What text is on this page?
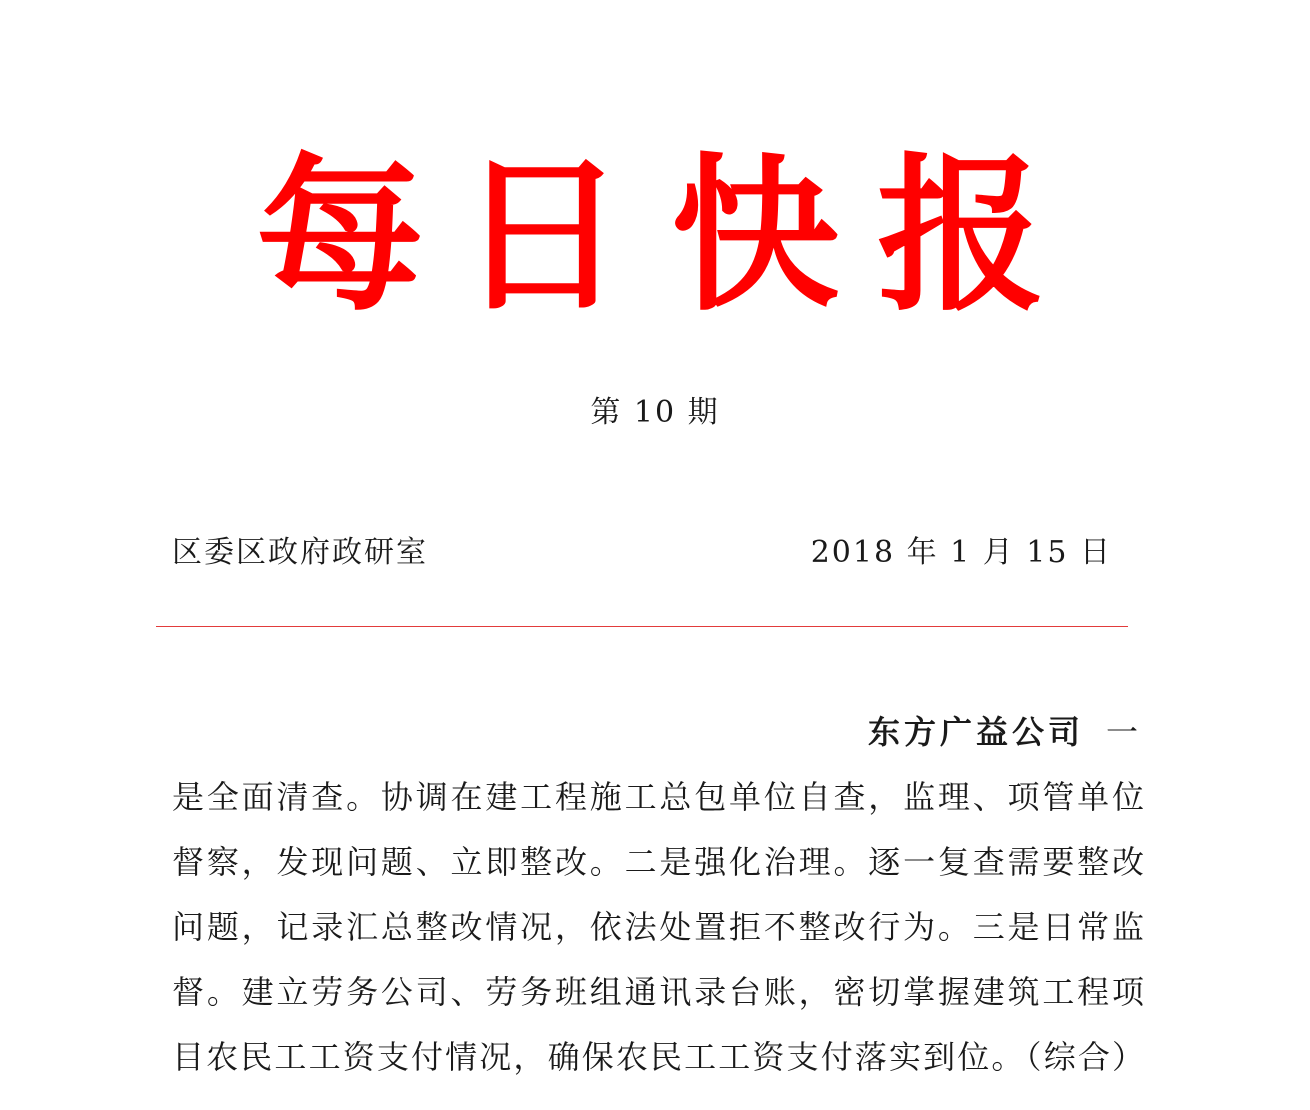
每 日 快 报
第 10 期
区委区政府政研室	2018 年 1 月 15 日
东方广益公司 一
是全面清查。协调在建工程施工总包单位自查，监理、项管单位
督察，发现问题、立即整改。二是强化治理。逐一复查需要整改
问题，记录汇总整改情况，依法处置拒不整改行为。三是日常监
督。建立劳务公司、劳务班组通讯录台账，密切掌握建筑工程项
目农民工工资支付情况，确保农民工工资支付落实到位。（综合）
